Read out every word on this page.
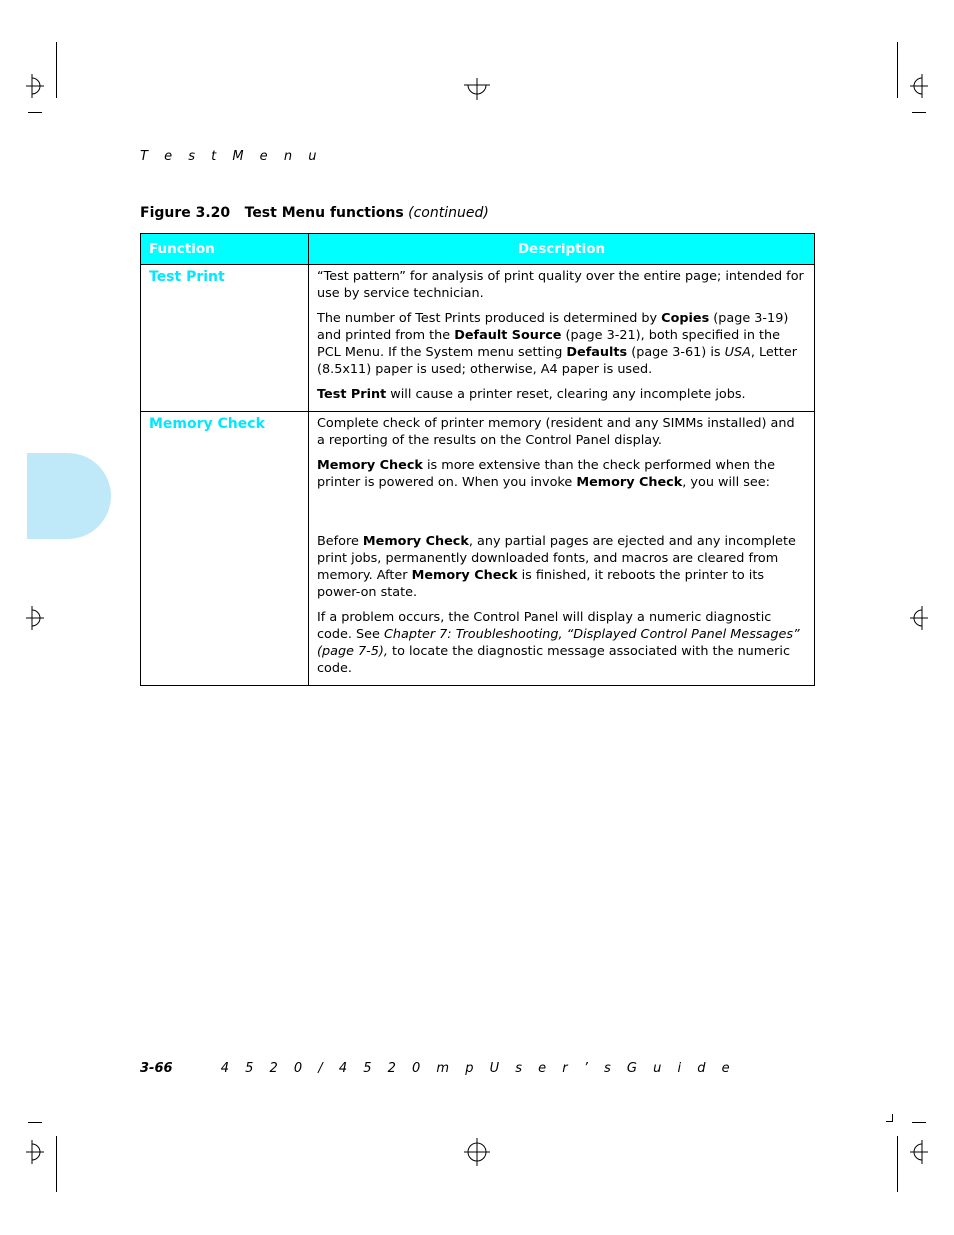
T e s t M e n u
Figure 3.20 Test Menu functions (continued)
Function	Description
Test Print	“Test pattern” for analysis of print quality over the entire page; intended for use by service technician.

The number of Test Prints produced is determined by Copies (page 3-19) and printed from the Default Source (page 3-21), both specified in the PCL Menu. If the System menu setting Defaults (page 3-61) is USA, Letter (8.5x11) paper is used; otherwise, A4 paper is used.

Test Print will cause a printer reset, clearing any incomplete jobs.

Memory Check	Complete check of printer memory (resident and any SIMMs installed) and a reporting of the results on the Control Panel display.

Memory Check is more extensive than the check performed when the printer is powered on. When you invoke Memory Check, you will see:

Before Memory Check, any partial pages are ejected and any incomplete print jobs, permanently downloaded fonts, and macros are cleared from memory. After Memory Check is finished, it reboots the printer to its power-on state.

If a problem occurs, the Control Panel will display a numeric diagnostic code. See Chapter 7: Troubleshooting, “Displayed Control Panel Messages” (page 7-5), to locate the diagnostic message associated with the numeric code.

3-66	4 5 2 0 / 4 5 2 0 m p U s e r ’ s G u i d e
